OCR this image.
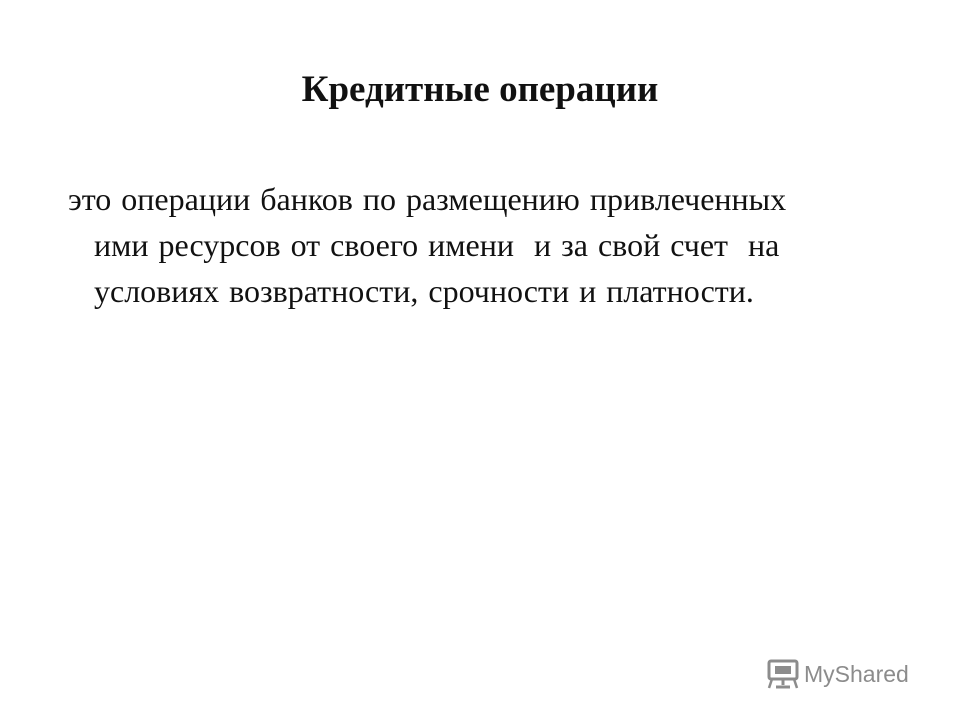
Кредитные операции
это операции банков по размещению привлеченных
ими ресурсов от своего имени  и за свой счет  на
условиях возвратности, срочности и платности.
MyShared
